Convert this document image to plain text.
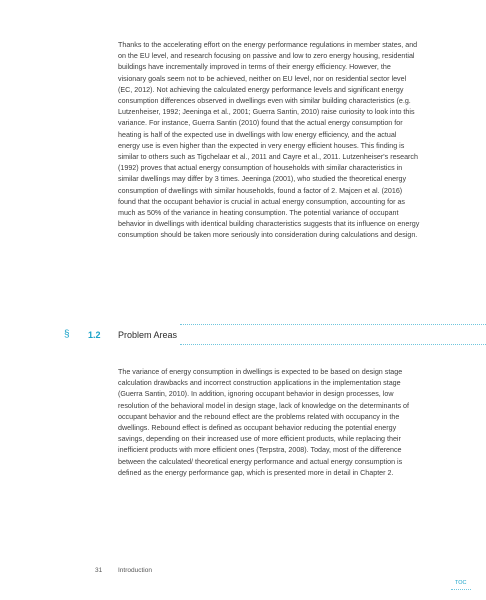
Thanks to the accelerating effort on the energy performance regulations in member states, and on the EU level, and research focusing on passive and low to zero energy housing, residential buildings have incrementally improved in terms of their energy efficiency. However, the visionary goals seem not to be achieved, neither on EU level, nor on residential sector level (EC, 2012). Not achieving the calculated energy performance levels and significant energy consumption differences observed in dwellings even with similar building characteristics (e.g. Lutzenheiser, 1992; Jeeninga et al., 2001; Guerra Santin, 2010) raise curiosity to look into this variance. For instance, Guerra Santin (2010) found that the actual energy consumption for heating is half of the expected use in dwellings with low energy efficiency, and the actual energy use is even higher than the expected in very energy efficient houses. This finding is similar to others such as Tigchelaar et al., 2011 and Cayre et al., 2011. Lutzenheiser's research (1992) proves that actual energy consumption of households with similar characteristics in similar dwellings may differ by 3 times. Jeeninga (2001), who studied the theoretical energy consumption of dwellings with similar households, found a factor of 2. Majcen et al. (2016) found that the occupant behavior is crucial in actual energy consumption, accounting for as much as 50% of the variance in heating consumption. The potential variance of occupant behavior in dwellings with identical building characteristics suggests that its influence on energy consumption should be taken more seriously into consideration during calculations and design.

§ 1.2 Problem Areas

The variance of energy consumption in dwellings is expected to be based on design stage calculation drawbacks and incorrect construction applications in the implementation stage (Guerra Santin, 2010). In addition, ignoring occupant behavior in design processes, low resolution of the behavioral model in design stage, lack of knowledge on the determinants of occupant behavior and the rebound effect are the problems related with occupancy in the dwellings. Rebound effect is defined as occupant behavior reducing the potential energy savings, depending on their increased use of more efficient products, while replacing their inefficient products with more efficient ones (Terpstra, 2008). Today, most of the difference between the calculated/ theoretical energy performance and actual energy consumption is defined as the energy performance gap, which is presented more in detail in Chapter 2.

31 Introduction
TOC
